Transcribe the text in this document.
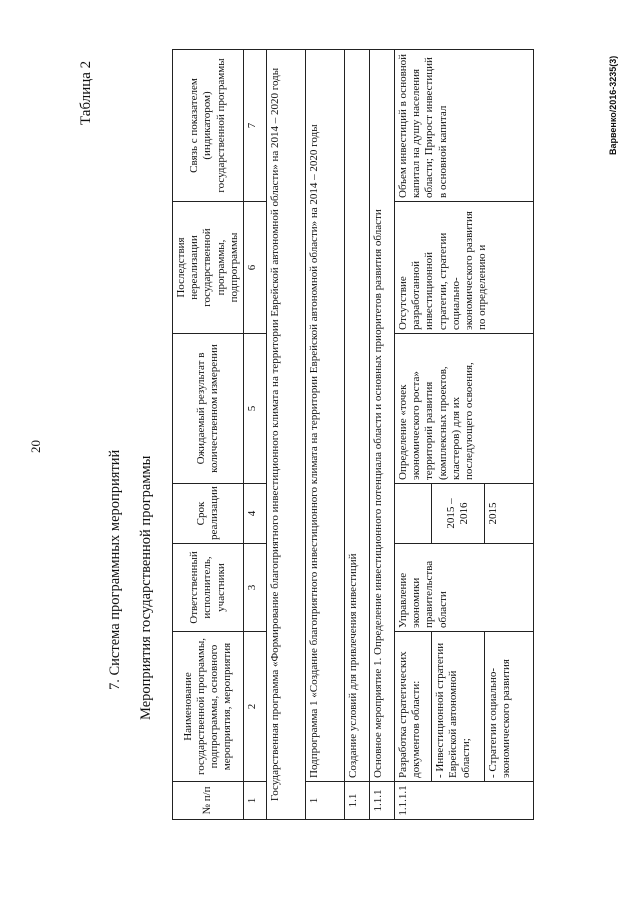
20
Таблица 2
7. Система программных мероприятий Мероприятия государственной программы
№ п/п	Наименование государственной программы, подпрограммы, основного мероприятия, мероприятия	Ответственный исполнитель, участники	Срок реализации	Ожидаемый результат в количественном измерении	Последствия нереализации государственной программы, подпрограммы	Связь с показателем (индикатором) государственной программы
1	2	3	4	5	6	7
Государственная программа «Формирование благоприятного инвестиционного климата на территории Еврейской автономной области» на 2014 – 2020 годы						
1	Подпрограмма 1 «Создание благоприятного инвестиционного климата на территории Еврейской автономной области» на 2014 – 2020 годы					
1.1	Создание условий для привлечения инвестиций					
1.1.1	Основное мероприятие 1. Определение инвестиционного потенциала области и основных приоритетов развития области					
1.1.1.1	Разработка стратегических документов области:	Управление экономики правительства области		Определение «точек экономического роста» территорий развития (комплексных проектов, кластеров) для их последующего освоения,	Отсутствие разработанной инвестиционной стратегии, стратегии социально-экономического развития по определению и	Объем инвестиций в основной капитал на душу населения области; Прирост инвестиций в основной капитал
	- Инвестиционной стратегии Еврейской автономной области;		2015 – 2016			
	- Стратегии социально-экономического развития		2015			
Варвенко/2016-3235(3)
